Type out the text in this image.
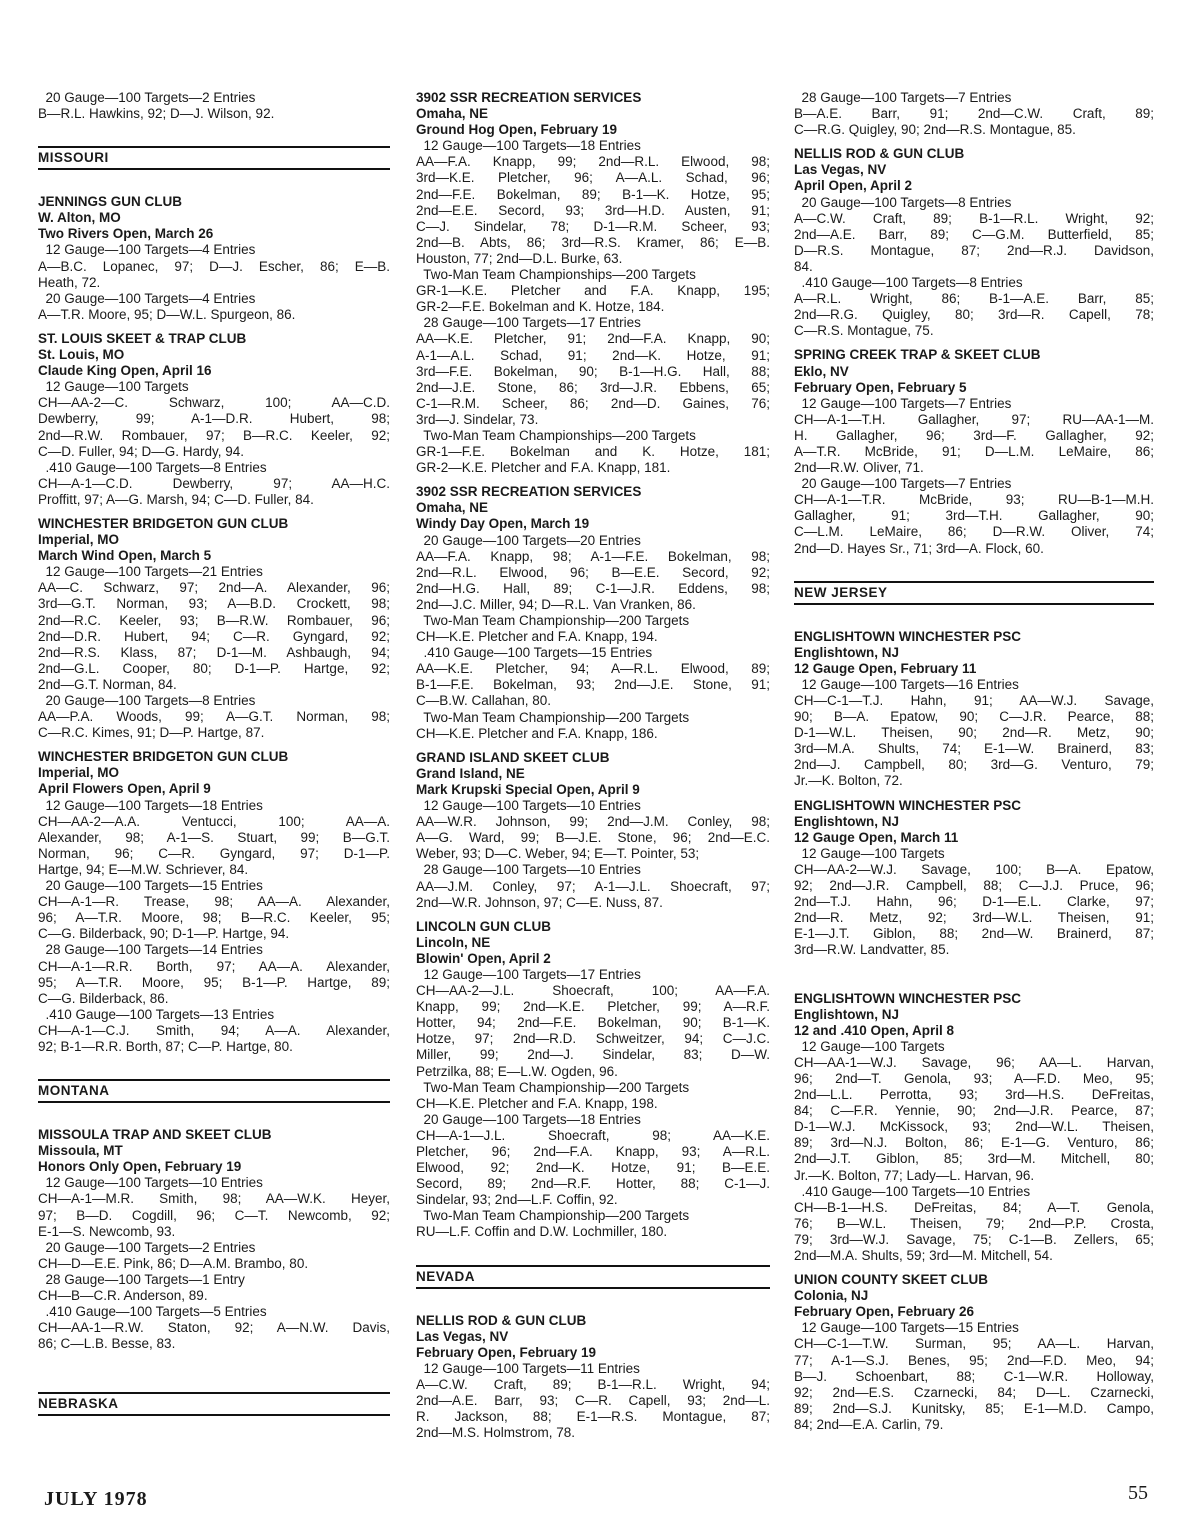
20 Gauge—100 Targets—2 Entries
B—R.L. Hawkins, 92; D—J. Wilson, 92.
MISSOURI
JENNINGS GUN CLUB
W. Alton, MO
Two Rivers Open, March 26
12 Gauge—100 Targets—4 Entries
A—B.C. Lopanec, 97; D—J. Escher, 86; E—B.
Heath, 72.
20 Gauge—100 Targets—4 Entries
A—T.R. Moore, 95; D—W.L. Spurgeon, 86.
ST. LOUIS SKEET & TRAP CLUB
St. Louis, MO
Claude King Open, April 16
12 Gauge—100 Targets
CH—AA-2—C. Schwarz, 100; AA—C.D.
Dewberry, 99; A-1—D.R. Hubert, 98;
2nd—R.W. Rombauer, 97; B—R.C. Keeler, 92;
C—D. Fuller, 94; D—G. Hardy, 94.
.410 Gauge—100 Targets—8 Entries
CH—A-1—C.D. Dewberry, 97; AA—H.C.
Proffitt, 97; A—G. Marsh, 94; C—D. Fuller, 84.
WINCHESTER BRIDGETON GUN CLUB
Imperial, MO
March Wind Open, March 5
12 Gauge—100 Targets—21 Entries
AA—C. Schwarz, 97; 2nd—A. Alexander, 96;
3rd—G.T. Norman, 93; A—B.D. Crockett, 98;
2nd—R.C. Keeler, 93; B—R.W. Rombauer, 96;
2nd—D.R. Hubert, 94; C—R. Gyngard, 92;
2nd—R.S. Klass, 87; D-1—M. Ashbaugh, 94;
2nd—G.L. Cooper, 80; D-1—P. Hartge, 92;
2nd—G.T. Norman, 84.
20 Gauge—100 Targets—8 Entries
AA—P.A. Woods, 99; A—G.T. Norman, 98;
C—R.C. Kimes, 91; D—P. Hartge, 87.
WINCHESTER BRIDGETON GUN CLUB
Imperial, MO
April Flowers Open, April 9
12 Gauge—100 Targets—18 Entries
CH—AA-2—A.A. Ventucci, 100; AA—A.
Alexander, 98; A-1—S. Stuart, 99; B—G.T.
Norman, 96; C—R. Gyngard, 97; D-1—P.
Hartge, 94; E—M.W. Schriever, 84.
20 Gauge—100 Targets—15 Entries
CH—A-1—R. Trease, 98; AA—A. Alexander,
96; A—T.R. Moore, 98; B—R.C. Keeler, 95;
C—G. Bilderback, 90; D-1—P. Hartge, 94.
28 Gauge—100 Targets—14 Entries
CH—A-1—R.R. Borth, 97; AA—A. Alexander,
95; A—T.R. Moore, 95; B-1—P. Hartge, 89;
C—G. Bilderback, 86.
.410 Gauge—100 Targets—13 Entries
CH—A-1—C.J. Smith, 94; A—A. Alexander,
92; B-1—R.R. Borth, 87; C—P. Hartge, 80.
MONTANA
MISSOULA TRAP AND SKEET CLUB
Missoula, MT
Honors Only Open, February 19
12 Gauge—100 Targets—10 Entries
CH—A-1—M.R. Smith, 98; AA—W.K. Heyer,
97; B—D. Cogdill, 96; C—T. Newcomb, 92;
E-1—S. Newcomb, 93.
20 Gauge—100 Targets—2 Entries
CH—D—E.E. Pink, 86; D—A.M. Brambo, 80.
28 Gauge—100 Targets—1 Entry
CH—B—C.R. Anderson, 89.
.410 Gauge—100 Targets—5 Entries
CH—AA-1—R.W. Staton, 92; A—N.W. Davis,
86; C—L.B. Besse, 83.
NEBRASKA
3902 SSR RECREATION SERVICES
Omaha, NE
Ground Hog Open, February 19
12 Gauge—100 Targets—18 Entries
AA—F.A. Knapp, 99; 2nd—R.L. Elwood, 98;
3rd—K.E. Pletcher, 96; A—A.L. Schad, 96;
2nd—F.E. Bokelman, 89; B-1—K. Hotze, 95;
2nd—E.E. Secord, 93; 3rd—H.D. Austen, 91;
C—J. Sindelar, 78; D-1—R.M. Scheer, 93;
2nd—B. Abts, 86; 3rd—R.S. Kramer, 86; E—B.
Houston, 77; 2nd—D.L. Burke, 63.
Two-Man Team Championships—200 Targets
GR-1—K.E. Pletcher and F.A. Knapp, 195;
GR-2—F.E. Bokelman and K. Hotze, 184.
28 Gauge—100 Targets—17 Entries
AA—K.E. Pletcher, 91; 2nd—F.A. Knapp, 90;
A-1—A.L. Schad, 91; 2nd—K. Hotze, 91;
3rd—F.E. Bokelman, 90; B-1—H.G. Hall, 88;
2nd—J.E. Stone, 86; 3rd—J.R. Ebbens, 65;
C-1—R.M. Scheer, 86; 2nd—D. Gaines, 76;
3rd—J. Sindelar, 73.
Two-Man Team Championships—200 Targets
GR-1—F.E. Bokelman and K. Hotze, 181;
GR-2—K.E. Pletcher and F.A. Knapp, 181.
3902 SSR RECREATION SERVICES
Omaha, NE
Windy Day Open, March 19
20 Gauge—100 Targets—20 Entries
AA—F.A. Knapp, 98; A-1—F.E. Bokelman, 98;
2nd—R.L. Elwood, 96; B—E.E. Secord, 92;
2nd—H.G. Hall, 89; C-1—J.R. Eddens, 98;
2nd—J.C. Miller, 94; D—R.L. Van Vranken, 86.
Two-Man Team Championship—200 Targets
CH—K.E. Pletcher and F.A. Knapp, 194.
.410 Gauge—100 Targets—15 Entries
AA—K.E. Pletcher, 94; A—R.L. Elwood, 89;
B-1—F.E. Bokelman, 93; 2nd—J.E. Stone, 91;
C—B.W. Callahan, 80.
Two-Man Team Championship—200 Targets
CH—K.E. Pletcher and F.A. Knapp, 186.
GRAND ISLAND SKEET CLUB
Grand Island, NE
Mark Krupski Special Open, April 9
12 Gauge—100 Targets—10 Entries
AA—W.R. Johnson, 99; 2nd—J.M. Conley, 98;
A—G. Ward, 99; B—J.E. Stone, 96; 2nd—E.C.
Weber, 93; D—C. Weber, 94; E—T. Pointer, 53;
28 Gauge—100 Targets—10 Entries
AA—J.M. Conley, 97; A-1—J.L. Shoecraft, 97;
2nd—W.R. Johnson, 97; C—E. Nuss, 87.
LINCOLN GUN CLUB
Lincoln, NE
Blowin' Open, April 2
12 Gauge—100 Targets—17 Entries
CH—AA-2—J.L. Shoecraft, 100; AA—F.A.
Knapp, 99; 2nd—K.E. Pletcher, 99; A—R.F.
Hotter, 94; 2nd—F.E. Bokelman, 90; B-1—K.
Hotze, 97; 2nd—R.D. Schweitzer, 94; C—J.C.
Miller, 99; 2nd—J. Sindelar, 83; D—W.
Petrzilka, 88; E—L.W. Ogden, 96.
Two-Man Team Championship—200 Targets
CH—K.E. Pletcher and F.A. Knapp, 198.
20 Gauge—100 Targets—18 Entries
CH—A-1—J.L. Shoecraft, 98; AA—K.E.
Pletcher, 96; 2nd—F.A. Knapp, 93; A—R.L.
Elwood, 92; 2nd—K. Hotze, 91; B—E.E.
Secord, 89; 2nd—R.F. Hotter, 88; C-1—J.
Sindelar, 93; 2nd—L.F. Coffin, 92.
Two-Man Team Championship—200 Targets
RU—L.F. Coffin and D.W. Lochmiller, 180.
NEVADA
NELLIS ROD & GUN CLUB
Las Vegas, NV
February Open, February 19
12 Gauge—100 Targets—11 Entries
A—C.W. Craft, 89; B-1—R.L. Wright, 94;
2nd—A.E. Barr, 93; C—R. Capell, 93; 2nd—L.
R. Jackson, 88; E-1—R.S. Montague, 87;
2nd—M.S. Holmstrom, 78.
28 Gauge—100 Targets—7 Entries
B—A.E. Barr, 91; 2nd—C.W. Craft, 89;
C—R.G. Quigley, 90; 2nd—R.S. Montague, 85.
NELLIS ROD & GUN CLUB
Las Vegas, NV
April Open, April 2
20 Gauge—100 Targets—8 Entries
A—C.W. Craft, 89; B-1—R.L. Wright, 92;
2nd—A.E. Barr, 89; C—G.M. Butterfield, 85;
D—R.S. Montague, 87; 2nd—R.J. Davidson,
84.
.410 Gauge—100 Targets—8 Entries
A—R.L. Wright, 86; B-1—A.E. Barr, 85;
2nd—R.G. Quigley, 80; 3rd—R. Capell, 78;
C—R.S. Montague, 75.
SPRING CREEK TRAP & SKEET CLUB
Eklo, NV
February Open, February 5
12 Gauge—100 Targets—7 Entries
CH—A-1—T.H. Gallagher, 97; RU—AA-1—M.
H. Gallagher, 96; 3rd—F. Gallagher, 92;
A—T.R. McBride, 91; D—L.M. LeMaire, 86;
2nd—R.W. Oliver, 71.
20 Gauge—100 Targets—7 Entries
CH—A-1—T.R. McBride, 93; RU—B-1—M.H.
Gallagher, 91; 3rd—T.H. Gallagher, 90;
C—L.M. LeMaire, 86; D—R.W. Oliver, 74;
2nd—D. Hayes Sr., 71; 3rd—A. Flock, 60.
NEW JERSEY
ENGLISHTOWN WINCHESTER PSC
Englishtown, NJ
12 Gauge Open, February 11
12 Gauge—100 Targets—16 Entries
CH—C-1—T.J. Hahn, 91; AA—W.J. Savage,
90; B—A. Epatow, 90; C—J.R. Pearce, 88;
D-1—W.L. Theisen, 90; 2nd—R. Metz, 90;
3rd—M.A. Shults, 74; E-1—W. Brainerd, 83;
2nd—J. Campbell, 80; 3rd—G. Venturo, 79;
Jr.—K. Bolton, 72.
ENGLISHTOWN WINCHESTER PSC
Englishtown, NJ
12 Gauge Open, March 11
12 Gauge—100 Targets
CH—AA-2—W.J. Savage, 100; B—A. Epatow,
92; 2nd—J.R. Campbell, 88; C—J.J. Pruce, 96;
2nd—T.J. Hahn, 96; D-1—E.L. Clarke, 97;
2nd—R. Metz, 92; 3rd—W.L. Theisen, 91;
E-1—J.T. Giblon, 88; 2nd—W. Brainerd, 87;
3rd—R.W. Landvatter, 85.
ENGLISHTOWN WINCHESTER PSC
Englishtown, NJ
12 and .410 Open, April 8
12 Gauge—100 Targets
CH—AA-1—W.J. Savage, 96; AA—L. Harvan,
96; 2nd—T. Genola, 93; A—F.D. Meo, 95;
2nd—L.L. Perrotta, 93; 3rd—H.S. DeFreitas,
84; C—F.R. Yennie, 90; 2nd—J.R. Pearce, 87;
D-1—W.J. McKissock, 93; 2nd—W.L. Theisen,
89; 3rd—N.J. Bolton, 86; E-1—G. Venturo, 86;
2nd—J.T. Giblon, 85; 3rd—M. Mitchell, 80;
Jr.—K. Bolton, 77; Lady—L. Harvan, 96.
.410 Gauge—100 Targets—10 Entries
CH—B-1—H.S. DeFreitas, 84; A—T. Genola,
76; B—W.L. Theisen, 79; 2nd—P.P. Crosta,
79; 3rd—W.J. Savage, 75; C-1—B. Zellers, 65;
2nd—M.A. Shults, 59; 3rd—M. Mitchell, 54.
UNION COUNTY SKEET CLUB
Colonia, NJ
February Open, February 26
12 Gauge—100 Targets—15 Entries
CH—C-1—T.W. Surman, 95; AA—L. Harvan,
77; A-1—S.J. Benes, 95; 2nd—F.D. Meo, 94;
B—J. Schoenbart, 88; C-1—W.R. Holloway,
92; 2nd—E.S. Czarnecki, 84; D—L. Czarnecki,
89; 2nd—S.J. Kunitsky, 85; E-1—M.D. Campo,
84; 2nd—E.A. Carlin, 79.
JULY 1978	55
